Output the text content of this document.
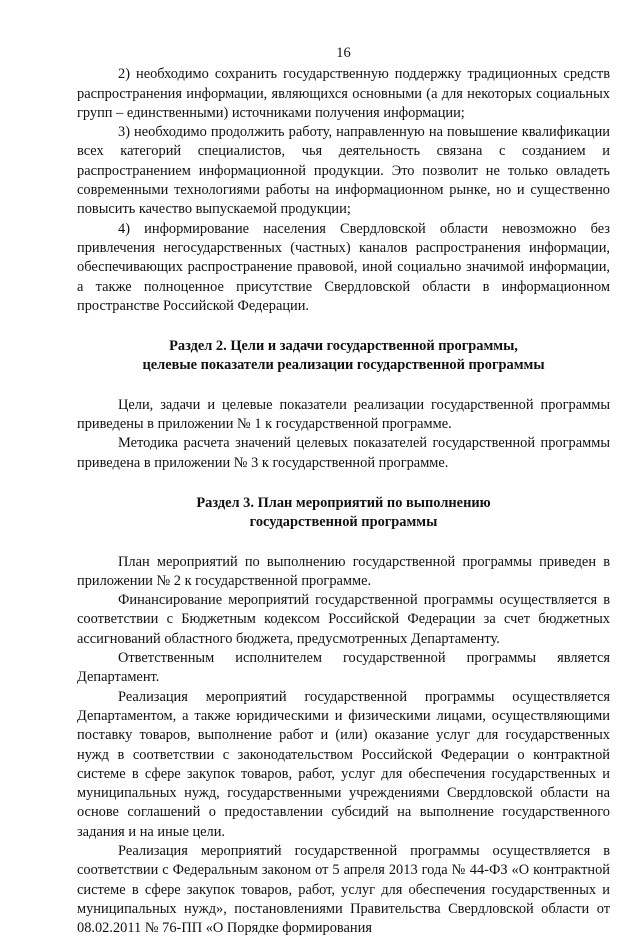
16

2) необходимо сохранить государственную поддержку традиционных средств распространения информации, являющихся основными (а для некоторых социальных групп – единственными) источниками получения информации;

3) необходимо продолжить работу, направленную на повышение квалификации всех категорий специалистов, чья деятельность связана с созданием и распространением информационной продукции. Это позволит не только овладеть современными технологиями работы на информационном рынке, но и существенно повысить качество выпускаемой продукции;

4) информирование населения Свердловской области невозможно без привлечения негосударственных (частных) каналов распространения информации, обеспечивающих распространение правовой, иной социально значимой информации, а также полноценное присутствие Свердловской области в информационном пространстве Российской Федерации.

Раздел 2. Цели и задачи государственной программы,
целевые показатели реализации государственной программы

Цели, задачи и целевые показатели реализации государственной программы приведены в приложении № 1 к государственной программе.

Методика расчета значений целевых показателей государственной программы приведена в приложении № 3 к государственной программе.

Раздел 3. План мероприятий по выполнению
государственной программы

План мероприятий по выполнению государственной программы приведен в приложении № 2 к государственной программе.

Финансирование мероприятий государственной программы осуществляется в соответствии с Бюджетным кодексом Российской Федерации за счет бюджетных ассигнований областного бюджета, предусмотренных Департаменту.

Ответственным исполнителем государственной программы является Департамент.

Реализация мероприятий государственной программы осуществляется Департаментом, а также юридическими и физическими лицами, осуществляющими поставку товаров, выполнение работ и (или) оказание услуг для государственных нужд в соответствии с законодательством Российской Федерации о контрактной системе в сфере закупок товаров, работ, услуг для обеспечения государственных и муниципальных нужд, государственными учреждениями Свердловской области на основе соглашений о предоставлении субсидий на выполнение государственного задания и на иные цели.

Реализация мероприятий государственной программы осуществляется в соответствии с Федеральным законом от 5 апреля 2013 года № 44-ФЗ «О контрактной системе в сфере закупок товаров, работ, услуг для обеспечения государственных и муниципальных нужд», постановлениями Правительства Свердловской области от 08.02.2011 № 76-ПП «О Порядке формирования
